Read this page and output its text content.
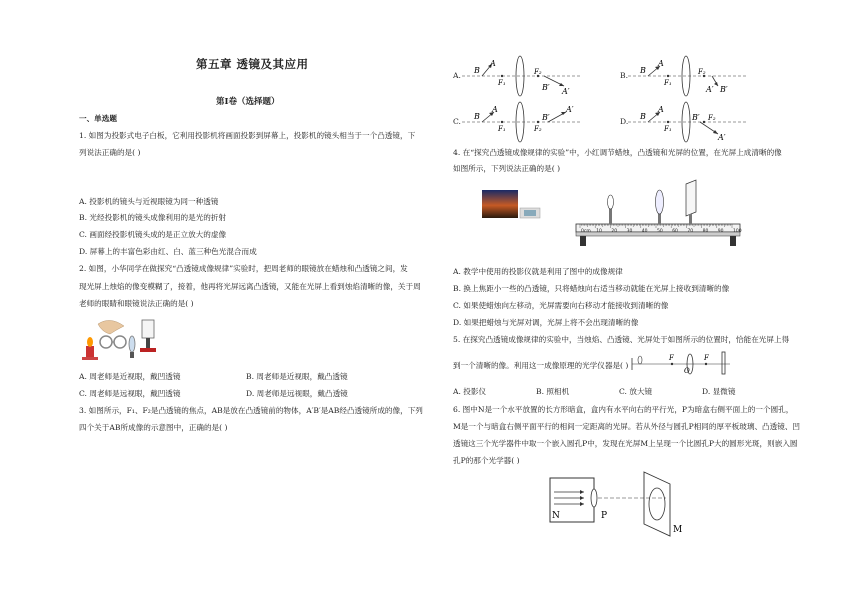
第五章 透镜及其应用
第I卷（选择题）
一、单选题
1. 如图为投影式电子白板，它利用投影机将画面投影到屏幕上，投影机的镜头相当于一个凸透镜，下
列说法正确的是( )
A. 投影机的镜头与近视眼镜为同一种透镜
B. 光经投影机的镜头成像利用的是光的折射
C. 画面经投影机镜头成的是正立放大的虚像
D. 屏幕上的丰富色彩由红、白、蓝三种色光混合而成
2. 如图，小华同学在做探究“凸透镜成像规律”实验时，把周老师的眼镜放在蜡烛和凸透镜之间，发
现光屏上烛焰的像变模糊了，接着，他再将光屏远离凸透镜，又能在光屏上看到烛焰清晰的像，关于周
老师的眼睛和眼镜说法正确的是( )
A. 周老师是近视眼，戴凹透镜	B. 周老师是近视眼，戴凸透镜
C. 周老师是远视眼，戴凹透镜	D. 周老师是远视眼，戴凸透镜
3. 如图所示，F₁、F₂是凸透镜的焦点，AB是放在凸透镜前的物体，A′B′是AB经凸透镜所成的像，下列
四个关于AB所成像的示意图中，正确的是( )
A.	B.
C.	D.
B
A
F₁
F₂
B′ A′
B
A
F₁
F₂
A′ B′
B
A
F₁	F₂
B′
A′
B
A
F₁
F₂
B′
A′
4. 在“探究凸透镜成像规律的实验”中，小红调节蜡烛，凸透镜和光屏的位置，在光屏上成清晰的像
如图所示，下列说法正确的是( )
0cm 10 20 30 40 50 60 70 80 90 100
A. 教学中使用的投影仪就是利用了图中的成像规律
B. 换上焦距小一些的凸透镜，只将蜡烛向右适当移动就能在光屏上接收到清晰的像
C. 如果使蜡烛向左移动，光屏需要向右移动才能接收到清晰的像
D. 如果把蜡烛与光屏对调，光屏上将不会出现清晰的像
5. 在探究凸透镜成像规律的实验中，当烛焰、凸透镜、光屏处于如图所示的位置时，恰能在光屏上得
到一个清晰的像。利用这一成像原理的光学仪器是( )
F
O
F
A. 投影仪	B. 照相机	C. 放大镜	D. 显微镜
6. 图中N是一个水平放置的长方形暗盒，盒内有水平向右的平行光，P为暗盒右侧平面上的一个圆孔，
M是一个与暗盒右侧平面平行的相间一定距离的光屏。若从外径与圆孔P相同的厚平板玻璃、凸透镜、凹
透镜这三个光学器件中取一个嵌入圆孔P中，发现在光屏M上呈现一个比圆孔P大的圆形光斑，则嵌入圆
孔P的那个光学器( )
N	P
M
